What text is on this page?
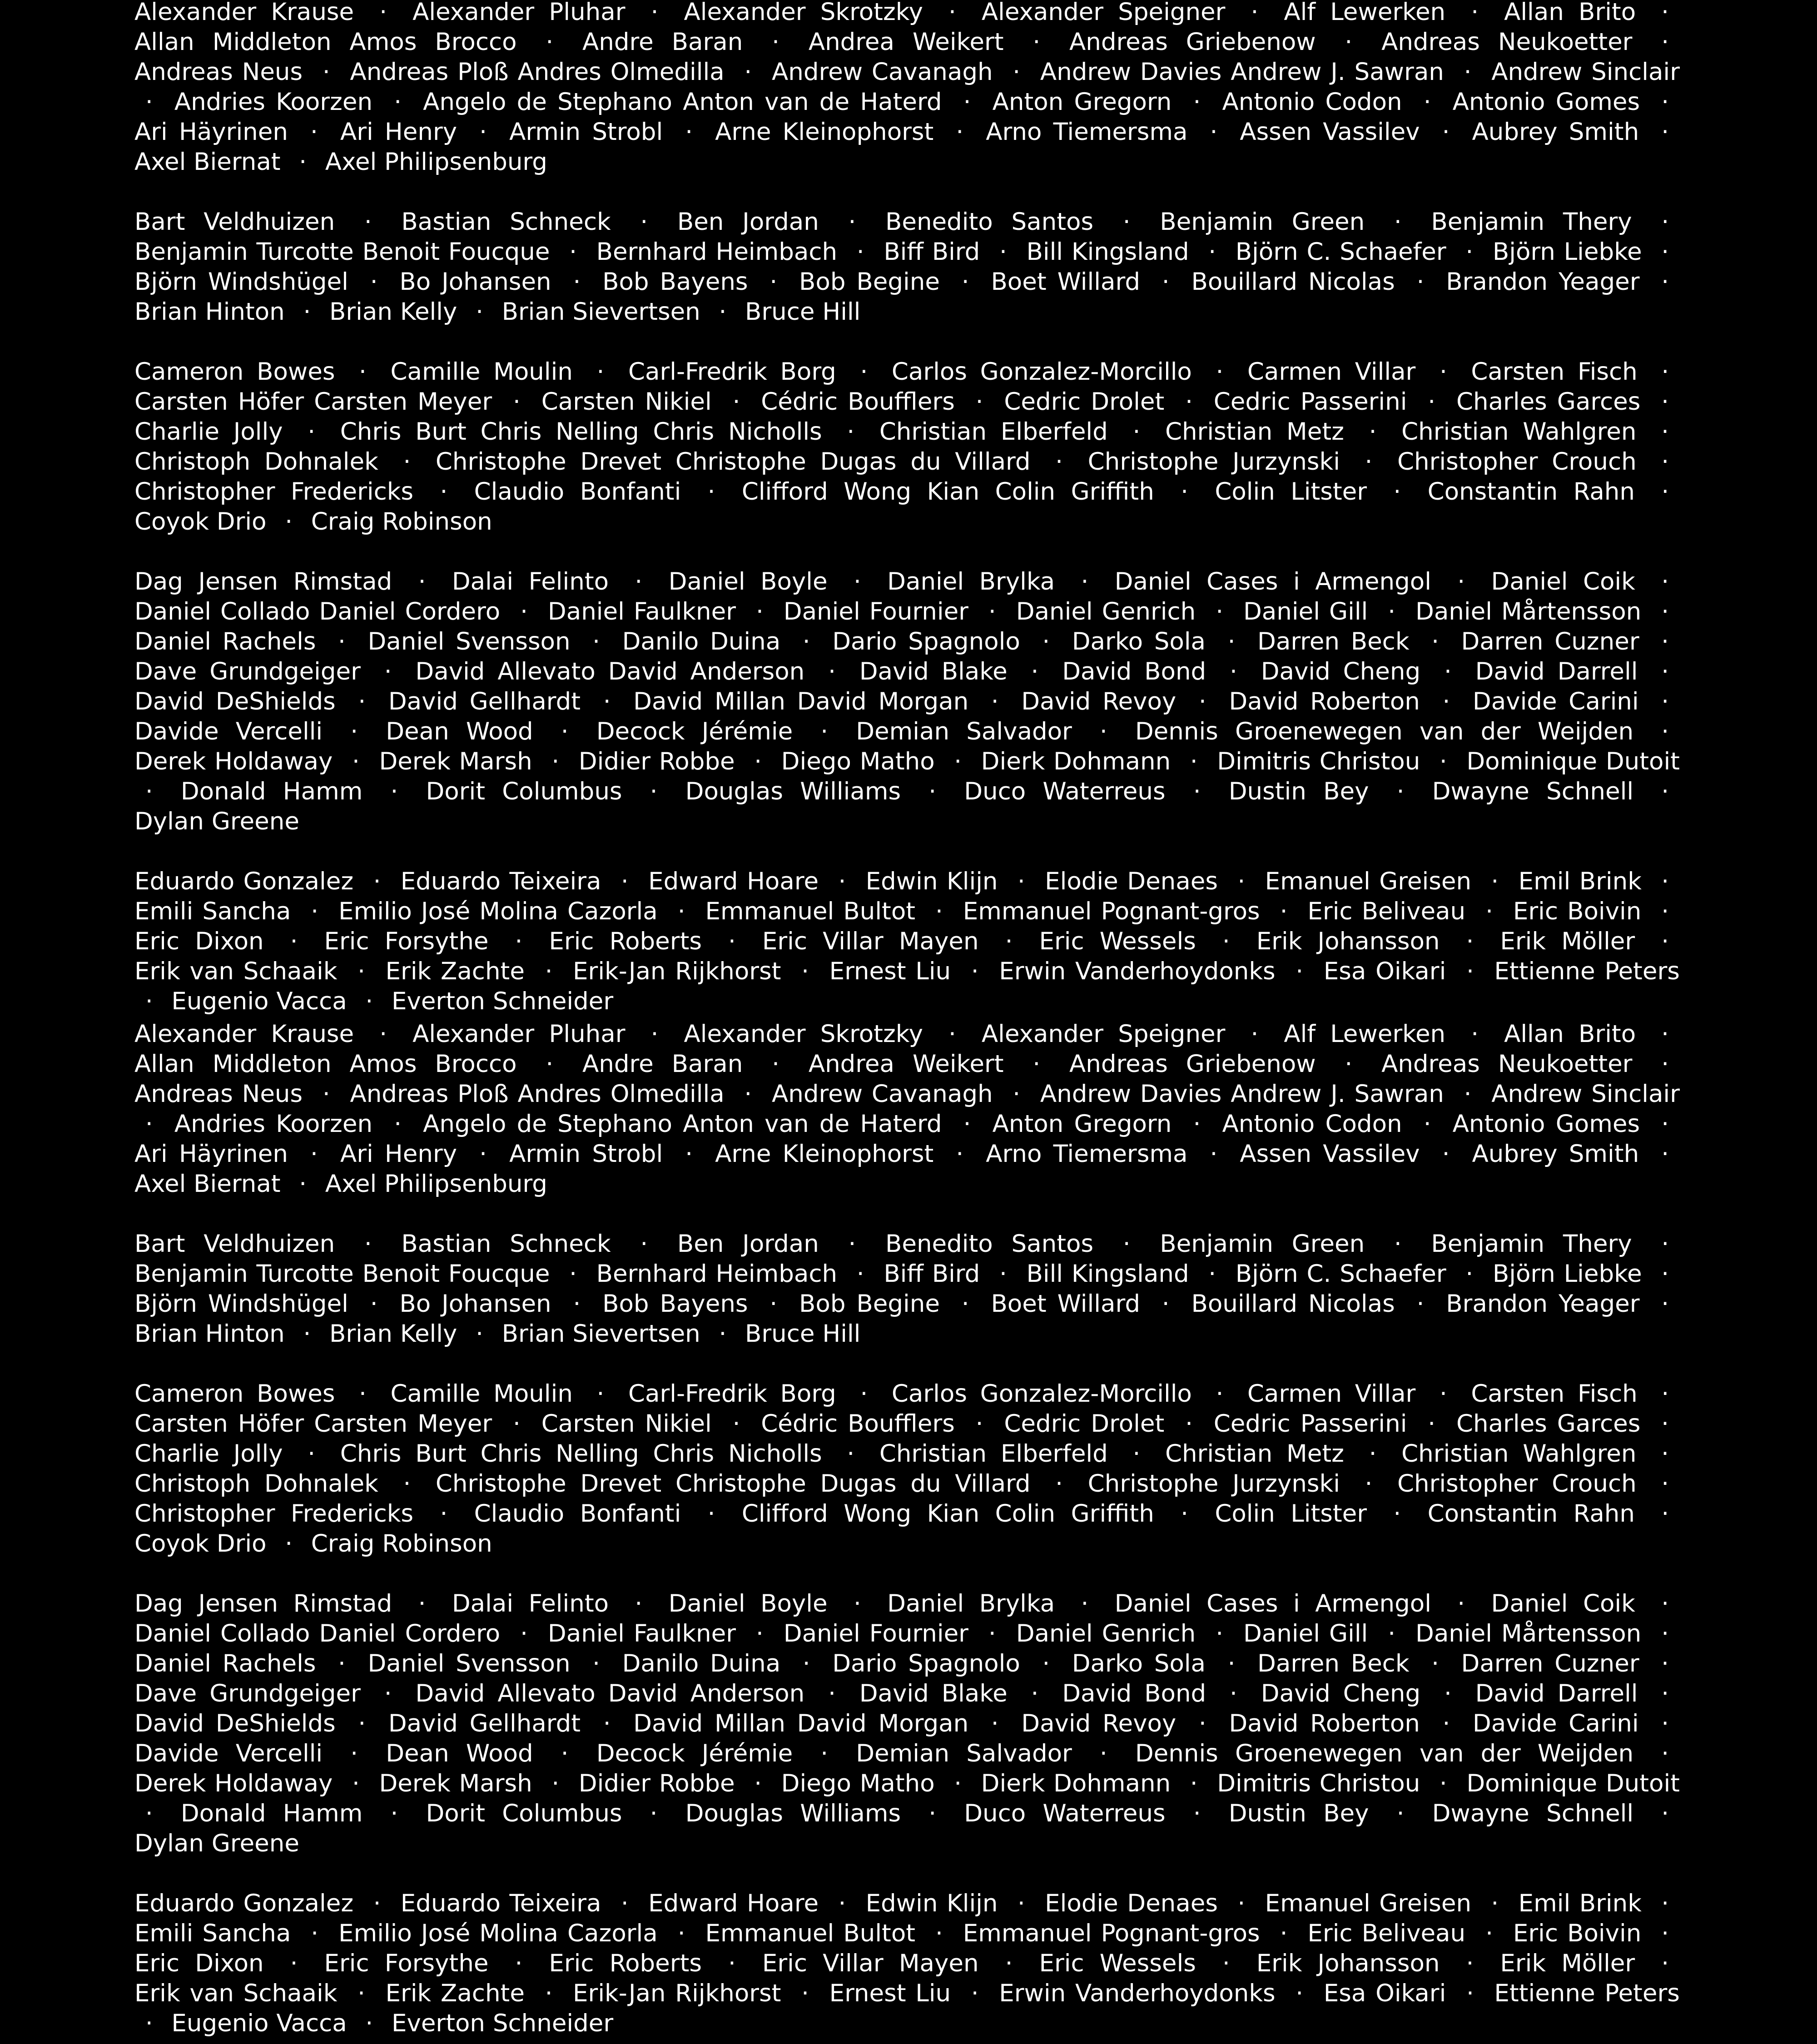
Alexander Krause · Alexander Pluhar · Alexander Skrotzky · Alexander Speigner · Alf Lewerken · Allan Brito · Allan Middleton Amos Brocco · Andre Baran · Andrea Weikert · Andreas Griebenow · Andreas Neukoetter · Andreas Neus · Andreas Ploß Andres Olmedilla · Andrew Cavanagh · Andrew Davies Andrew J. Sawran · Andrew Sinclair · Andries Koorzen · Angelo de Stephano Anton van de Haterd · Anton Gregorn · Antonio Codon · Antonio Gomes · Ari Häyrinen · Ari Henry · Armin Strobl · Arne Kleinophorst · Arno Tiemersma · Assen Vassilev · Aubrey Smith · Axel Biernat · Axel Philipsenburg

Bart Veldhuizen · Bastian Schneck · Ben Jordan · Benedito Santos · Benjamin Green · Benjamin Thery · Benjamin Turcotte Benoit Foucque · Bernhard Heimbach · Biff Bird · Bill Kingsland · Björn C. Schaefer · Björn Liebke · Björn Windshügel · Bo Johansen · Bob Bayens · Bob Begine · Boet Willard · Bouillard Nicolas · Brandon Yeager · Brian Hinton · Brian Kelly · Brian Sievertsen · Bruce Hill

Cameron Bowes · Camille Moulin · Carl-Fredrik Borg · Carlos Gonzalez-Morcillo · Carmen Villar · Carsten Fisch · Carsten Höfer Carsten Meyer · Carsten Nikiel · Cédric Boufflers · Cedric Drolet · Cedric Passerini · Charles Garces · Charlie Jolly · Chris Burt Chris Nelling Chris Nicholls · Christian Elberfeld · Christian Metz · Christian Wahlgren · Christoph Dohnalek · Christophe Drevet Christophe Dugas du Villard · Christophe Jurzynski · Christopher Crouch · Christopher Fredericks · Claudio Bonfanti · Clifford Wong Kian Colin Griffith · Colin Litster · Constantin Rahn · Coyok Drio · Craig Robinson

Dag Jensen Rimstad · Dalai Felinto · Daniel Boyle · Daniel Brylka · Daniel Cases i Armengol · Daniel Coik · Daniel Collado Daniel Cordero · Daniel Faulkner · Daniel Fournier · Daniel Genrich · Daniel Gill · Daniel Mårtensson · Daniel Rachels · Daniel Svensson · Danilo Duina · Dario Spagnolo · Darko Sola · Darren Beck · Darren Cuzner · Dave Grundgeiger · David Allevato David Anderson · David Blake · David Bond · David Cheng · David Darrell · David DeShields · David Gellhardt · David Millan David Morgan · David Revoy · David Roberton · Davide Carini · Davide Vercelli · Dean Wood · Decock Jérémie · Demian Salvador · Dennis Groenewegen van der Weijden · Derek Holdaway · Derek Marsh · Didier Robbe · Diego Matho · Dierk Dohmann · Dimitris Christou · Dominique Dutoit · Donald Hamm · Dorit Columbus · Douglas Williams · Duco Waterreus · Dustin Bey · Dwayne Schnell · Dylan Greene

Eduardo Gonzalez · Eduardo Teixeira · Edward Hoare · Edwin Klijn · Elodie Denaes · Emanuel Greisen · Emil Brink · Emili Sancha · Emilio José Molina Cazorla · Emmanuel Bultot · Emmanuel Pognant-gros · Eric Beliveau · Eric Boivin · Eric Dixon · Eric Forsythe · Eric Roberts · Eric Villar Mayen · Eric Wessels · Erik Johansson · Erik Möller · Erik van Schaaik · Erik Zachte · Erik-Jan Rijkhorst · Ernest Liu · Erwin Vanderhoydonks · Esa Oikari · Ettienne Peters · Eugenio Vacca · Everton Schneider

Alexander Krause · Alexander Pluhar · Alexander Skrotzky · Alexander Speigner · Alf Lewerken · Allan Brito · Allan Middleton Amos Brocco · Andre Baran · Andrea Weikert · Andreas Griebenow · Andreas Neukoetter · Andreas Neus · Andreas Ploß Andres Olmedilla · Andrew Cavanagh · Andrew Davies Andrew J. Sawran · Andrew Sinclair · Andries Koorzen · Angelo de Stephano Anton van de Haterd · Anton Gregorn · Antonio Codon · Antonio Gomes · Ari Häyrinen · Ari Henry · Armin Strobl · Arne Kleinophorst · Arno Tiemersma · Assen Vassilev · Aubrey Smith · Axel Biernat · Axel Philipsenburg

Bart Veldhuizen · Bastian Schneck · Ben Jordan · Benedito Santos · Benjamin Green · Benjamin Thery · Benjamin Turcotte Benoit Foucque · Bernhard Heimbach · Biff Bird · Bill Kingsland · Björn C. Schaefer · Björn Liebke · Björn Windshügel · Bo Johansen · Bob Bayens · Bob Begine · Boet Willard · Bouillard Nicolas · Brandon Yeager · Brian Hinton · Brian Kelly · Brian Sievertsen · Bruce Hill

Cameron Bowes · Camille Moulin · Carl-Fredrik Borg · Carlos Gonzalez-Morcillo · Carmen Villar · Carsten Fisch · Carsten Höfer Carsten Meyer · Carsten Nikiel · Cédric Boufflers · Cedric Drolet · Cedric Passerini · Charles Garces · Charlie Jolly · Chris Burt Chris Nelling Chris Nicholls · Christian Elberfeld · Christian Metz · Christian Wahlgren · Christoph Dohnalek · Christophe Drevet Christophe Dugas du Villard · Christophe Jurzynski · Christopher Crouch · Christopher Fredericks · Claudio Bonfanti · Clifford Wong Kian Colin Griffith · Colin Litster · Constantin Rahn · Coyok Drio · Craig Robinson

Dag Jensen Rimstad · Dalai Felinto · Daniel Boyle · Daniel Brylka · Daniel Cases i Armengol · Daniel Coik · Daniel Collado Daniel Cordero · Daniel Faulkner · Daniel Fournier · Daniel Genrich · Daniel Gill · Daniel Mårtensson · Daniel Rachels · Daniel Svensson · Danilo Duina · Dario Spagnolo · Darko Sola · Darren Beck · Darren Cuzner · Dave Grundgeiger · David Allevato David Anderson · David Blake · David Bond · David Cheng · David Darrell · David DeShields · David Gellhardt · David Millan David Morgan · David Revoy · David Roberton · Davide Carini · Davide Vercelli · Dean Wood · Decock Jérémie · Demian Salvador · Dennis Groenewegen van der Weijden · Derek Holdaway · Derek Marsh · Didier Robbe · Diego Matho · Dierk Dohmann · Dimitris Christou · Dominique Dutoit · Donald Hamm · Dorit Columbus · Douglas Williams · Duco Waterreus · Dustin Bey · Dwayne Schnell · Dylan Greene

Eduardo Gonzalez · Eduardo Teixeira · Edward Hoare · Edwin Klijn · Elodie Denaes · Emanuel Greisen · Emil Brink · Emili Sancha · Emilio José Molina Cazorla · Emmanuel Bultot · Emmanuel Pognant-gros · Eric Beliveau · Eric Boivin · Eric Dixon · Eric Forsythe · Eric Roberts · Eric Villar Mayen · Eric Wessels · Erik Johansson · Erik Möller · Erik van Schaaik · Erik Zachte · Erik-Jan Rijkhorst · Ernest Liu · Erwin Vanderhoydonks · Esa Oikari · Ettienne Peters · Eugenio Vacca · Everton Schneider
